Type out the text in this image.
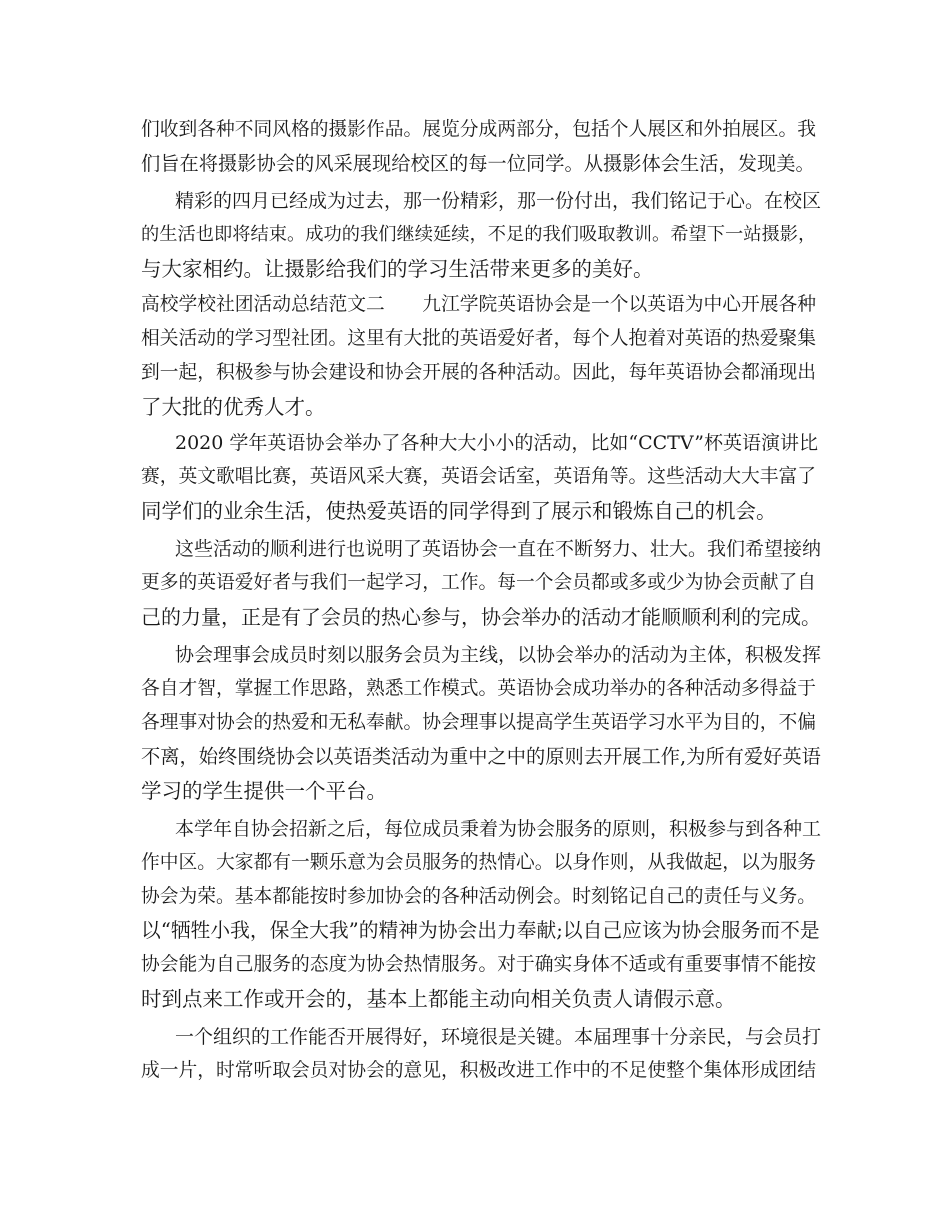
们收到各种不同风格的摄影作品。展览分成两部分，包括个人展区和外拍展区。我
们旨在将摄影协会的风采展现给校区的每一位同学。从摄影体会生活，发现美。
精彩的四月已经成为过去，那一份精彩，那一份付出，我们铭记于心。在校区
的生活也即将结束。成功的我们继续延续，不足的我们吸取教训。希望下一站摄影，
与大家相约。让摄影给我们的学习生活带来更多的美好。
高校学校社团活动总结范文二　　九江学院英语协会是一个以英语为中心开展各种
相关活动的学习型社团。这里有大批的英语爱好者，每个人抱着对英语的热爱聚集
到一起，积极参与协会建设和协会开展的各种活动。因此，每年英语协会都涌现出
了大批的优秀人才。
2020 学年英语协会举办了各种大大小小的活动，比如“CCTV”杯英语演讲比
赛，英文歌唱比赛，英语风采大赛，英语会话室，英语角等。这些活动大大丰富了
同学们的业余生活，使热爱英语的同学得到了展示和锻炼自己的机会。
这些活动的顺利进行也说明了英语协会一直在不断努力、壮大。我们希望接纳
更多的英语爱好者与我们一起学习，工作。每一个会员都或多或少为协会贡献了自
己的力量，正是有了会员的热心参与，协会举办的活动才能顺顺利利的完成。
协会理事会成员时刻以服务会员为主线，以协会举办的活动为主体，积极发挥
各自才智，掌握工作思路，熟悉工作模式。英语协会成功举办的各种活动多得益于
各理事对协会的热爱和无私奉献。协会理事以提高学生英语学习水平为目的，不偏
不离，始终围绕协会以英语类活动为重中之中的原则去开展工作,为所有爱好英语
学习的学生提供一个平台。
本学年自协会招新之后，每位成员秉着为协会服务的原则，积极参与到各种工
作中区。大家都有一颗乐意为会员服务的热情心。以身作则，从我做起，以为服务
协会为荣。基本都能按时参加协会的各种活动例会。时刻铭记自己的责任与义务。
以“牺牲小我，保全大我”的精神为协会出力奉献;以自己应该为协会服务而不是
协会能为自己服务的态度为协会热情服务。对于确实身体不适或有重要事情不能按
时到点来工作或开会的，基本上都能主动向相关负责人请假示意。
一个组织的工作能否开展得好，环境很是关键。本届理事十分亲民，与会员打
成一片，时常听取会员对协会的意见，积极改进工作中的不足使整个集体形成团结
